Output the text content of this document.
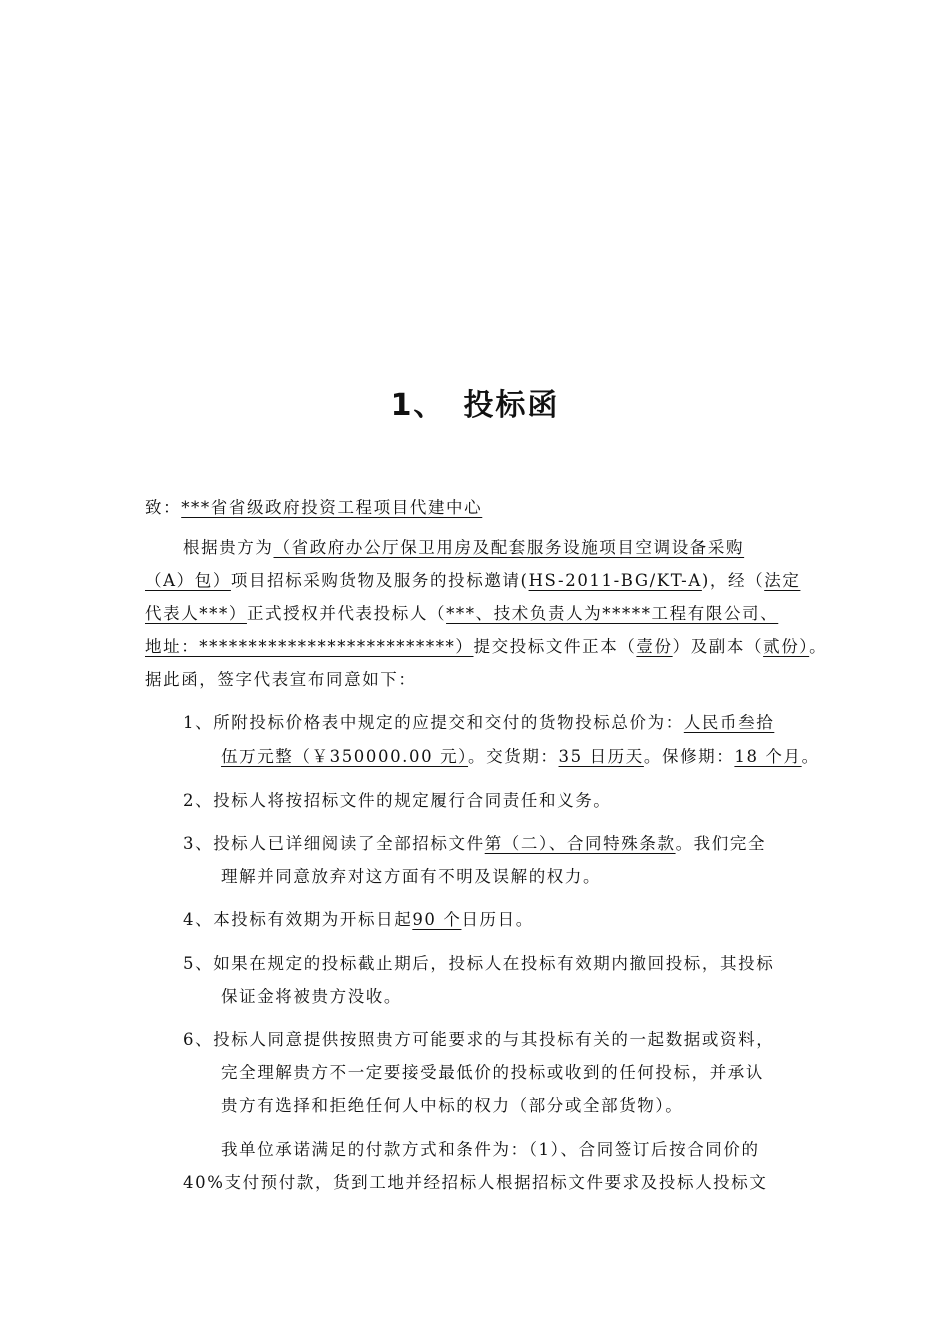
1、 投标函
致：***省省级政府投资工程项目代建中心
根据贵方为（省政府办公厅保卫用房及配套服务设施项目空调设备采购
（A）包）项目招标采购货物及服务的投标邀请(HS-2011-BG/KT-A)，经（法定
代表人***）正式授权并代表投标人（***、技术负责人为*****工程有限公司、
地址：**************************）提交投标文件正本（壹份）及副本（贰份）。
据此函，签字代表宣布同意如下：
1、所附投标价格表中规定的应提交和交付的货物投标总价为：人民币叁拾
伍万元整（￥350000.00 元）。交货期：35 日历天。保修期：18 个月。
2、投标人将按招标文件的规定履行合同责任和义务。
3、投标人已详细阅读了全部招标文件第（二）、合同特殊条款。我们完全
理解并同意放弃对这方面有不明及误解的权力。
4、本投标有效期为开标日起90 个日历日。
5、如果在规定的投标截止期后，投标人在投标有效期内撤回投标，其投标
保证金将被贵方没收。
6、投标人同意提供按照贵方可能要求的与其投标有关的一起数据或资料，
完全理解贵方不一定要接受最低价的投标或收到的任何投标，并承认
贵方有选择和拒绝任何人中标的权力（部分或全部货物）。
我单位承诺满足的付款方式和条件为：（1）、合同签订后按合同价的
40%支付预付款，货到工地并经招标人根据招标文件要求及投标人投标文
